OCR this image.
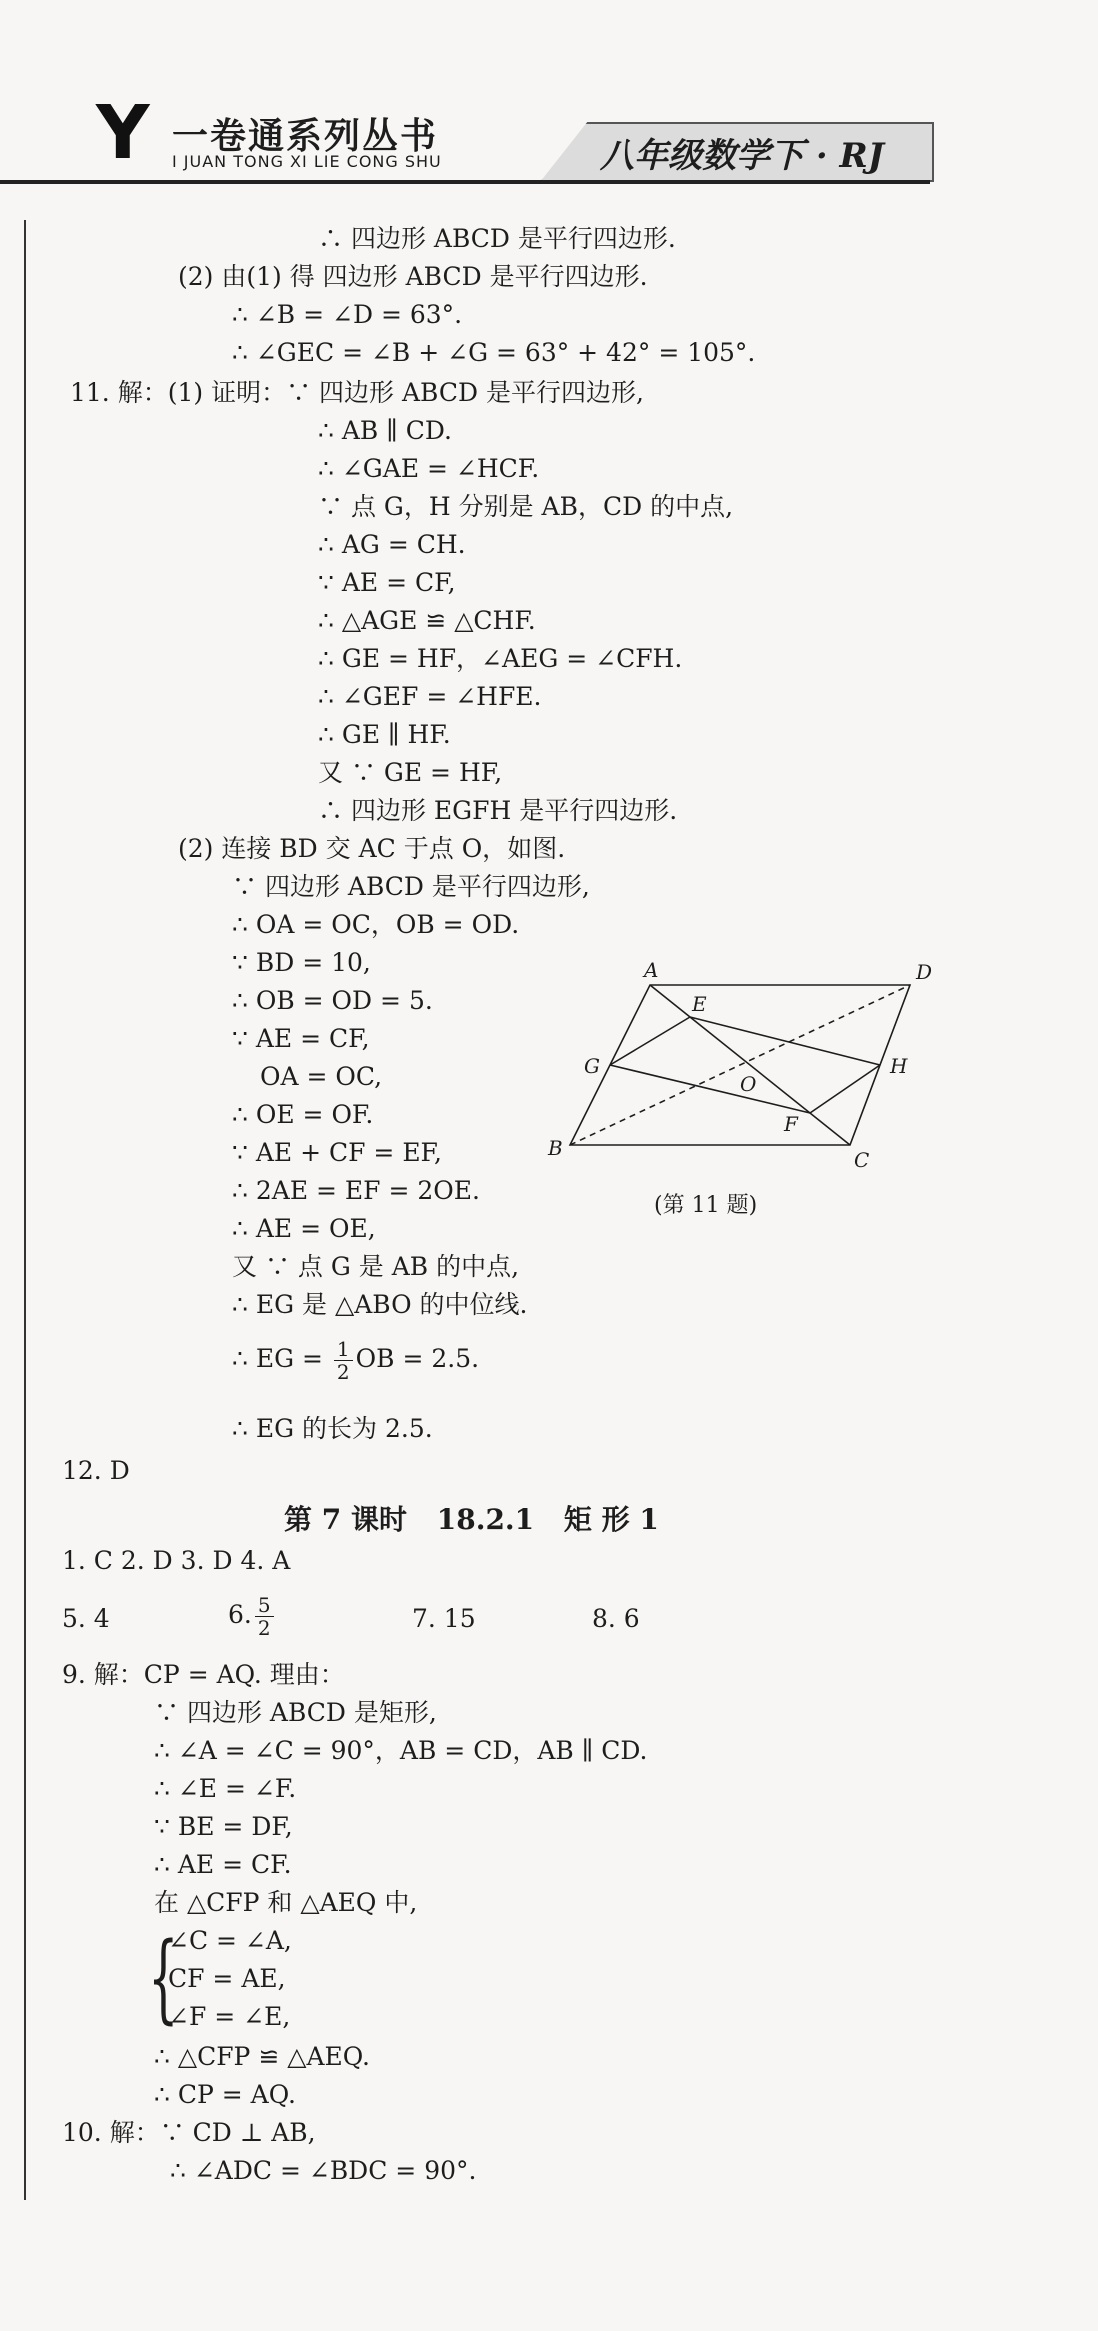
Y 一卷通系列丛书
I JUAN TONG XI LIE CONG SHU	八年级数学下 · RJ
∴ 四边形 ABCD 是平行四边形.
(2) 由(1) 得 四边形 ABCD 是平行四边形.
∴ ∠B = ∠D = 63°.
∴ ∠GEC = ∠B + ∠G = 63° + 42° = 105°.
11. 解：(1) 证明：∵ 四边形 ABCD 是平行四边形,
∴ AB ∥ CD.
∴ ∠GAE = ∠HCF.
∵ 点 G，H 分别是 AB，CD 的中点,
∴ AG = CH.
∵ AE = CF,
∴ △AGE ≌ △CHF.
∴ GE = HF，∠AEG = ∠CFH.
∴ ∠GEF = ∠HFE.
∴ GE ∥ HF.
又 ∵ GE = HF,
∴ 四边形 EGFH 是平行四边形.
(2) 连接 BD 交 AC 于点 O，如图.
∵ 四边形 ABCD 是平行四边形,
∴ OA = OC，OB = OD.
∵ BD = 10,
∴ OB = OD = 5.
∵ AE = CF,
OA = OC,
∴ OE = OF.
∵ AE + CF = EF,
∴ 2AE = EF = 2OE.
∴ AE = OE,
又 ∵ 点 G 是 AB 的中点,
∴ EG 是 △ABO 的中位线.
∴ EG = $\frac{1}{2}$ OB = 2.5.
∴ EG 的长为 2.5.
12. D
第 7 课时 18.2.1 矩 形 1
1. C 2. D 3. D 4. A
5. 4	6. $\frac{5}{2}$	7. 15	8. 6
9. 解：CP = AQ. 理由：
∵ 四边形 ABCD 是矩形,
∴ ∠A = ∠C = 90°，AB = CD，AB ∥ CD.
∴ ∠E = ∠F.
∵ BE = DF,
∴ AE = CF.
在 △CFP 和 △AEQ 中,
{
∠C = ∠A,
CF = AE,
∠F = ∠E,
∴ △CFP ≌ △AEQ.
∴ CP = AQ.
10. 解：∵ CD ⊥ AB,
∴ ∠ADC = ∠BDC = 90°.
A	D
E
G	H
O
F
B	C
(第 11 题)
